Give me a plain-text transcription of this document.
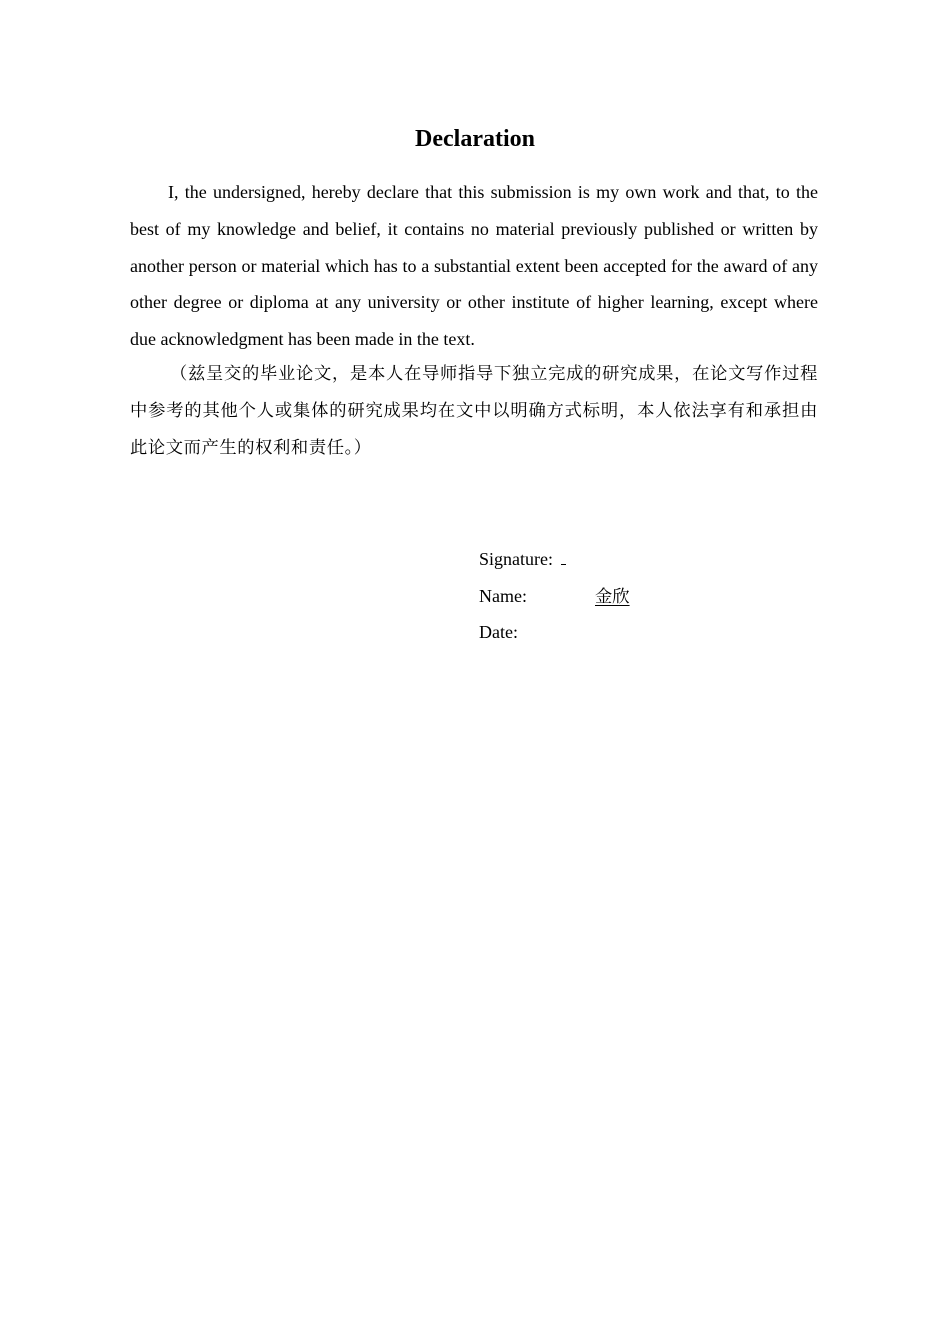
Declaration

I, the undersigned, hereby declare that this submission is my own work and that, to the best of my knowledge and belief, it contains no material previously published or written by another person or material which has to a substantial extent been accepted for the award of any other degree or diploma at any university or other institute of higher learning, except where due acknowledgment has been made in the text.

（兹呈交的毕业论文，是本人在导师指导下独立完成的研究成果，在论文写作过程中参考的其他个人或集体的研究成果均在文中以明确方式标明，本人依法享有和承担由此论文而产生的权利和责任。）

Signature:
Name:	金欣
Date:
